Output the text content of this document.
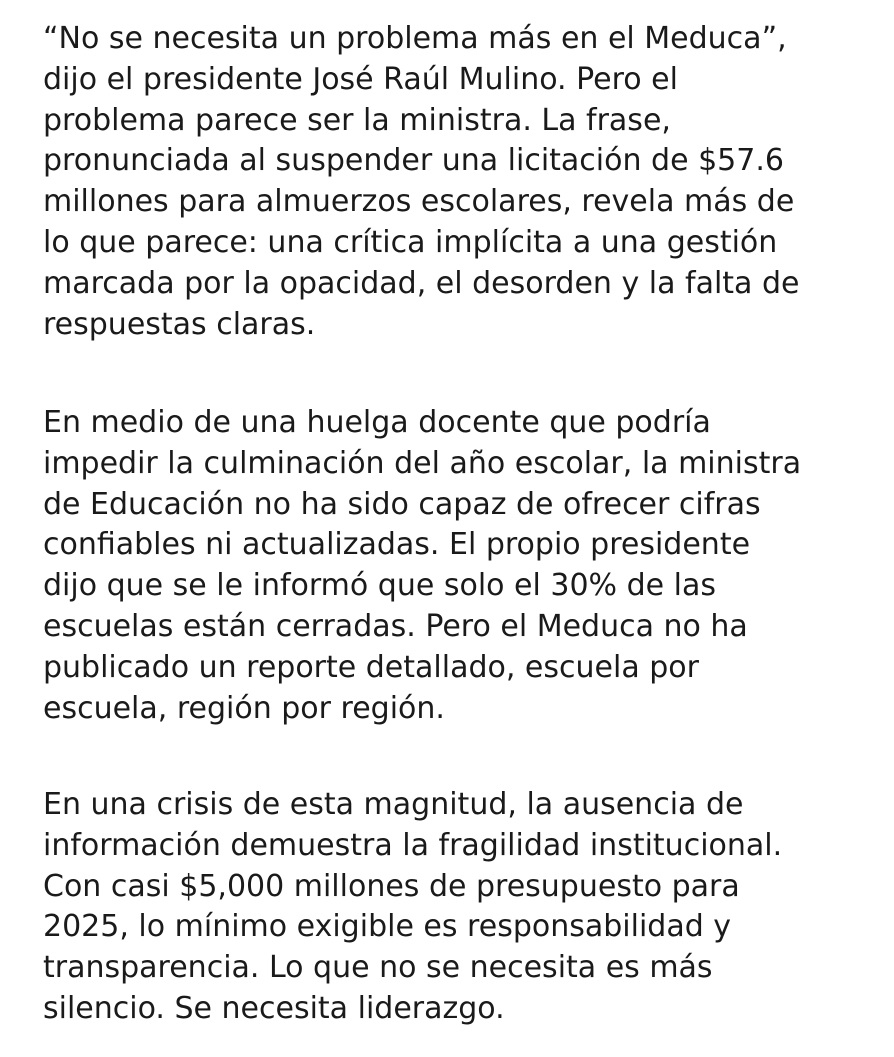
“No se necesita un problema más en el Meduca”,
dijo el presidente José Raúl Mulino. Pero el
problema parece ser la ministra. La frase,
pronunciada al suspender una licitación de $57.6
millones para almuerzos escolares, revela más de
lo que parece: una crítica implícita a una gestión
marcada por la opacidad, el desorden y la falta de
respuestas claras.

En medio de una huelga docente que podría
impedir la culminación del año escolar, la ministra
de Educación no ha sido capaz de ofrecer cifras
confiables ni actualizadas. El propio presidente
dijo que se le informó que solo el 30% de las
escuelas están cerradas. Pero el Meduca no ha
publicado un reporte detallado, escuela por
escuela, región por región.

En una crisis de esta magnitud, la ausencia de
información demuestra la fragilidad institucional.
Con casi $5,000 millones de presupuesto para
2025, lo mínimo exigible es responsabilidad y
transparencia. Lo que no se necesita es más
silencio. Se necesita liderazgo.
